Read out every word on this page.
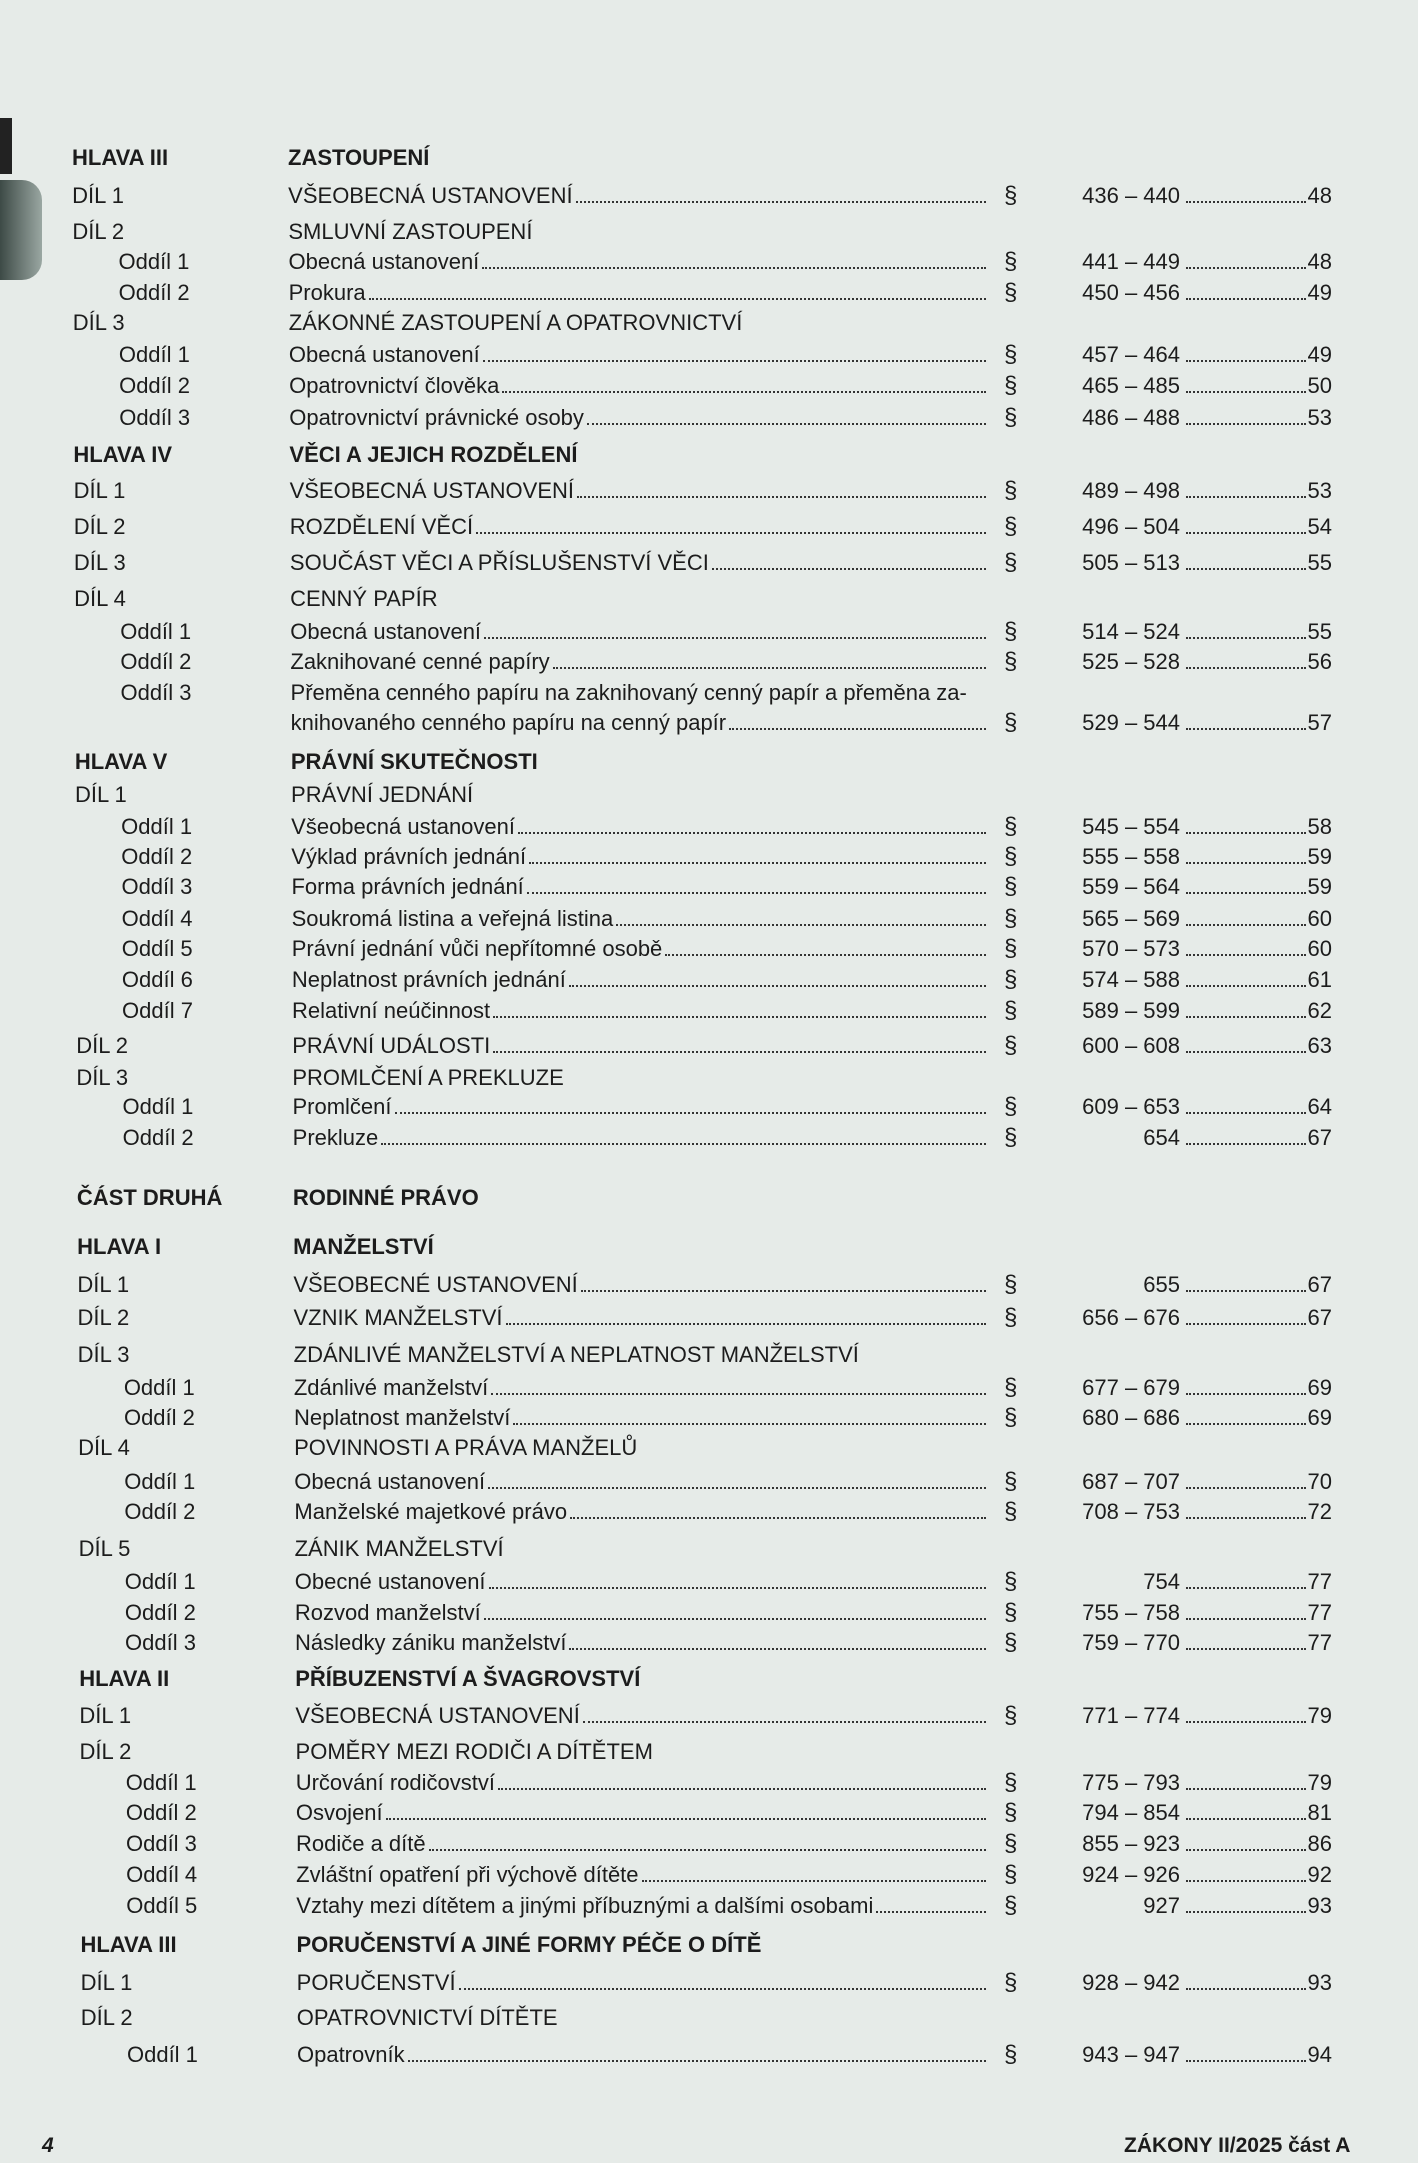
HLAVA III	ZASTOUPENÍ
DÍL 1	VŠEOBECNÁ USTANOVENÍ	§	436 – 440	48
DÍL 2	SMLUVNÍ ZASTOUPENÍ
Oddíl 1	Obecná ustanovení	§	441 – 449	48
Oddíl 2	Prokura	§	450 – 456	49
DÍL 3	ZÁKONNÉ ZASTOUPENÍ A OPATROVNICTVÍ
Oddíl 1	Obecná ustanovení	§	457 – 464	49
Oddíl 2	Opatrovnictví člověka	§	465 – 485	50
Oddíl 3	Opatrovnictví právnické osoby	§	486 – 488	53
HLAVA IV	VĚCI A JEJICH ROZDĚLENÍ
DÍL 1	VŠEOBECNÁ USTANOVENÍ	§	489 – 498	53
DÍL 2	ROZDĚLENÍ VĚCÍ	§	496 – 504	54
DÍL 3	SOUČÁST VĚCI A PŘÍSLUŠENSTVÍ VĚCI	§	505 – 513	55
DÍL 4	CENNÝ PAPÍR
Oddíl 1	Obecná ustanovení	§	514 – 524	55
Oddíl 2	Zaknihované cenné papíry	§	525 – 528	56
Oddíl 3	Přeměna cenného papíru na zaknihovaný cenný papír a přeměna za-
knihovaného cenného papíru na cenný papír	§	529 – 544	57
HLAVA V	PRÁVNÍ SKUTEČNOSTI
DÍL 1	PRÁVNÍ JEDNÁNÍ
Oddíl 1	Všeobecná ustanovení	§	545 – 554	58
Oddíl 2	Výklad právních jednání	§	555 – 558	59
Oddíl 3	Forma právních jednání	§	559 – 564	59
Oddíl 4	Soukromá listina a veřejná listina	§	565 – 569	60
Oddíl 5	Právní jednání vůči nepřítomné osobě	§	570 – 573	60
Oddíl 6	Neplatnost právních jednání	§	574 – 588	61
Oddíl 7	Relativní neúčinnost	§	589 – 599	62
DÍL 2	PRÁVNÍ UDÁLOSTI	§	600 – 608	63
DÍL 3	PROMLČENÍ A PREKLUZE
Oddíl 1	Promlčení	§	609 – 653	64
Oddíl 2	Prekluze	§	654	67
ČÁST DRUHÁ	RODINNÉ PRÁVO
HLAVA I	MANŽELSTVÍ
DÍL 1	VŠEOBECNÉ USTANOVENÍ	§	655	67
DÍL 2	VZNIK MANŽELSTVÍ	§	656 – 676	67
DÍL 3	ZDÁNLIVÉ MANŽELSTVÍ A NEPLATNOST MANŽELSTVÍ
Oddíl 1	Zdánlivé manželství	§	677 – 679	69
Oddíl 2	Neplatnost manželství	§	680 – 686	69
DÍL 4	POVINNOSTI A PRÁVA MANŽELŮ
Oddíl 1	Obecná ustanovení	§	687 – 707	70
Oddíl 2	Manželské majetkové právo	§	708 – 753	72
DÍL 5	ZÁNIK MANŽELSTVÍ
Oddíl 1	Obecné ustanovení	§	754	77
Oddíl 2	Rozvod manželství	§	755 – 758	77
Oddíl 3	Následky zániku manželství	§	759 – 770	77
HLAVA II	PŘÍBUZENSTVÍ A ŠVAGROVSTVÍ
DÍL 1	VŠEOBECNÁ USTANOVENÍ	§	771 – 774	79
DÍL 2	POMĚRY MEZI RODIČI A DÍTĚTEM
Oddíl 1	Určování rodičovství	§	775 – 793	79
Oddíl 2	Osvojení	§	794 – 854	81
Oddíl 3	Rodiče a dítě	§	855 – 923	86
Oddíl 4	Zvláštní opatření při výchově dítěte	§	924 – 926	92
Oddíl 5	Vztahy mezi dítětem a jinými příbuznými a dalšími osobami	§	927	93
HLAVA III	PORUČENSTVÍ A JINÉ FORMY PÉČE O DÍTĚ
DÍL 1	PORUČENSTVÍ	§	928 – 942	93
DÍL 2	OPATROVNICTVÍ DÍTĚTE
Oddíl 1	Opatrovník	§	943 – 947	94
4	ZÁKONY II/2025 část A
